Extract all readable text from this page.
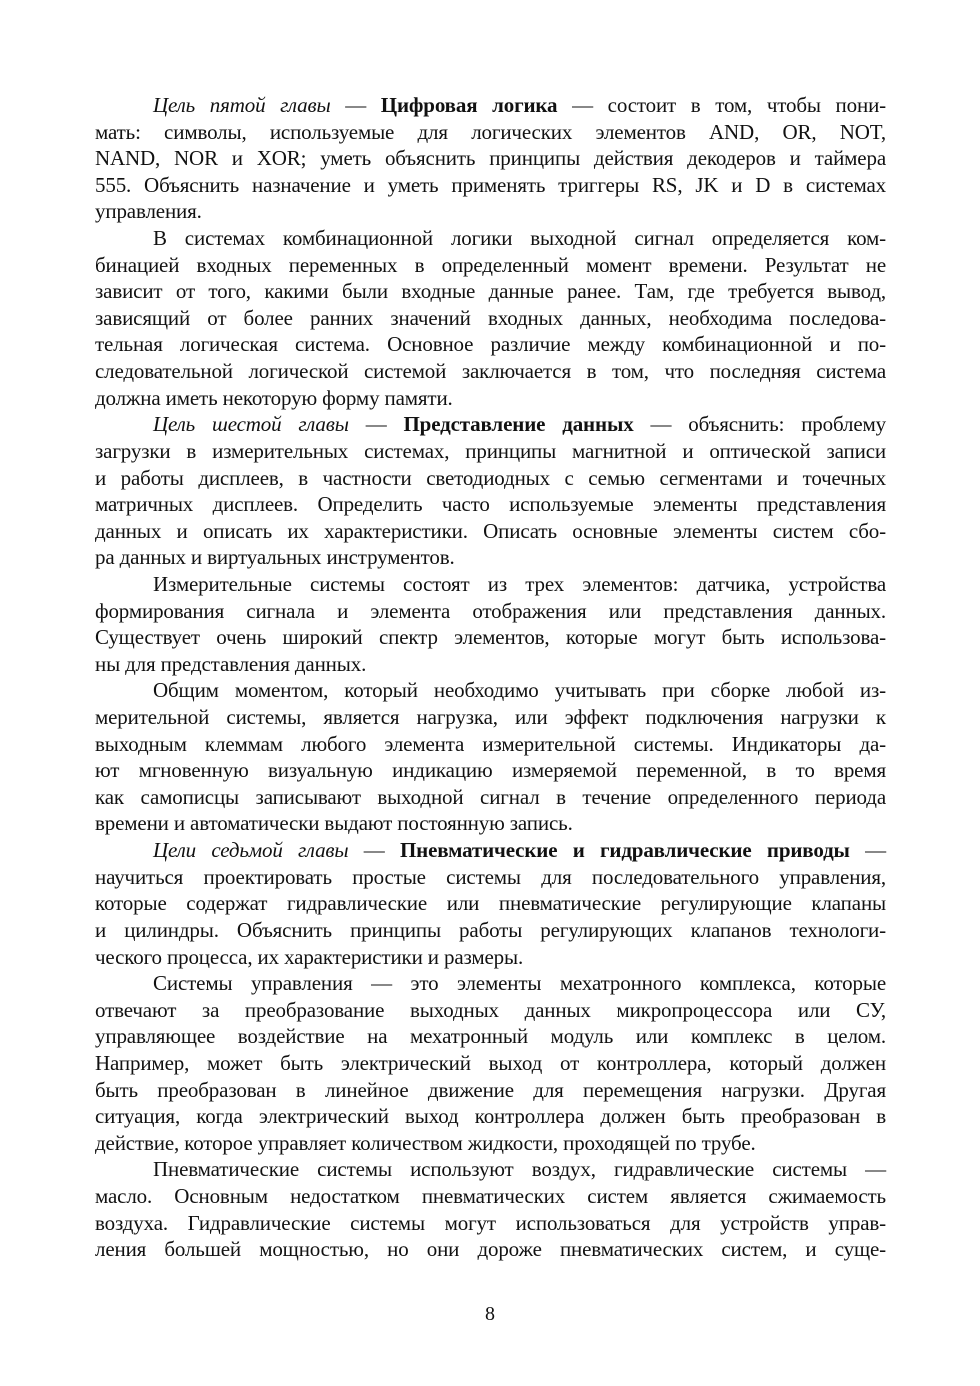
Цель пятой главы — Цифровая логика — состоит в том, чтобы пони-
мать: символы, используемые для логических элементов AND, OR, NOT,
NAND, NOR и XOR; уметь объяснить принципы действия декодеров и таймера
555. Объяснить назначение и уметь применять триггеры RS, JK и D в системах
управления.
В системах комбинационной логики выходной сигнал определяется ком-
бинацией входных переменных в определенный момент времени. Результат не
зависит от того, какими были входные данные ранее. Там, где требуется вывод,
зависящий от более ранних значений входных данных, необходима последова-
тельная логическая система. Основное различие между комбинационной и по-
следовательной логической системой заключается в том, что последняя система
должна иметь некоторую форму памяти.
Цель шестой главы — Представление данных — объяснить: проблему
загрузки в измерительных системах, принципы магнитной и оптической записи
и работы дисплеев, в частности светодиодных с семью сегментами и точечных
матричных дисплеев. Определить часто используемые элементы представления
данных и описать их характеристики. Описать основные элементы систем сбо-
ра данных и виртуальных инструментов.
Измерительные системы состоят из трех элементов: датчика, устройства
формирования сигнала и элемента отображения или представления данных.
Существует очень широкий спектр элементов, которые могут быть использова-
ны для представления данных.
Общим моментом, который необходимо учитывать при сборке любой из-
мерительной системы, является нагрузка, или эффект подключения нагрузки к
выходным клеммам любого элемента измерительной системы. Индикаторы да-
ют мгновенную визуальную индикацию измеряемой переменной, в то время
как самописцы записывают выходной сигнал в течение определенного периода
времени и автоматически выдают постоянную запись.
Цели седьмой главы — Пневматические и гидравлические приводы —
научиться проектировать простые системы для последовательного управления,
которые содержат гидравлические или пневматические регулирующие клапаны
и цилиндры. Объяснить принципы работы регулирующих клапанов технологи-
ческого процесса, их характеристики и размеры.
Системы управления — это элементы мехатронного комплекса, которые
отвечают за преобразование выходных данных микропроцессора или СУ,
управляющее воздействие на мехатронный модуль или комплекс в целом.
Например, может быть электрический выход от контроллера, который должен
быть преобразован в линейное движение для перемещения нагрузки. Другая
ситуация, когда электрический выход контроллера должен быть преобразован в
действие, которое управляет количеством жидкости, проходящей по трубе.
Пневматические системы используют воздух, гидравлические системы —
масло. Основным недостатком пневматических систем является сжимаемость
воздуха. Гидравлические системы могут использоваться для устройств управ-
ления большей мощностью, но они дороже пневматических систем, и суще-
8
